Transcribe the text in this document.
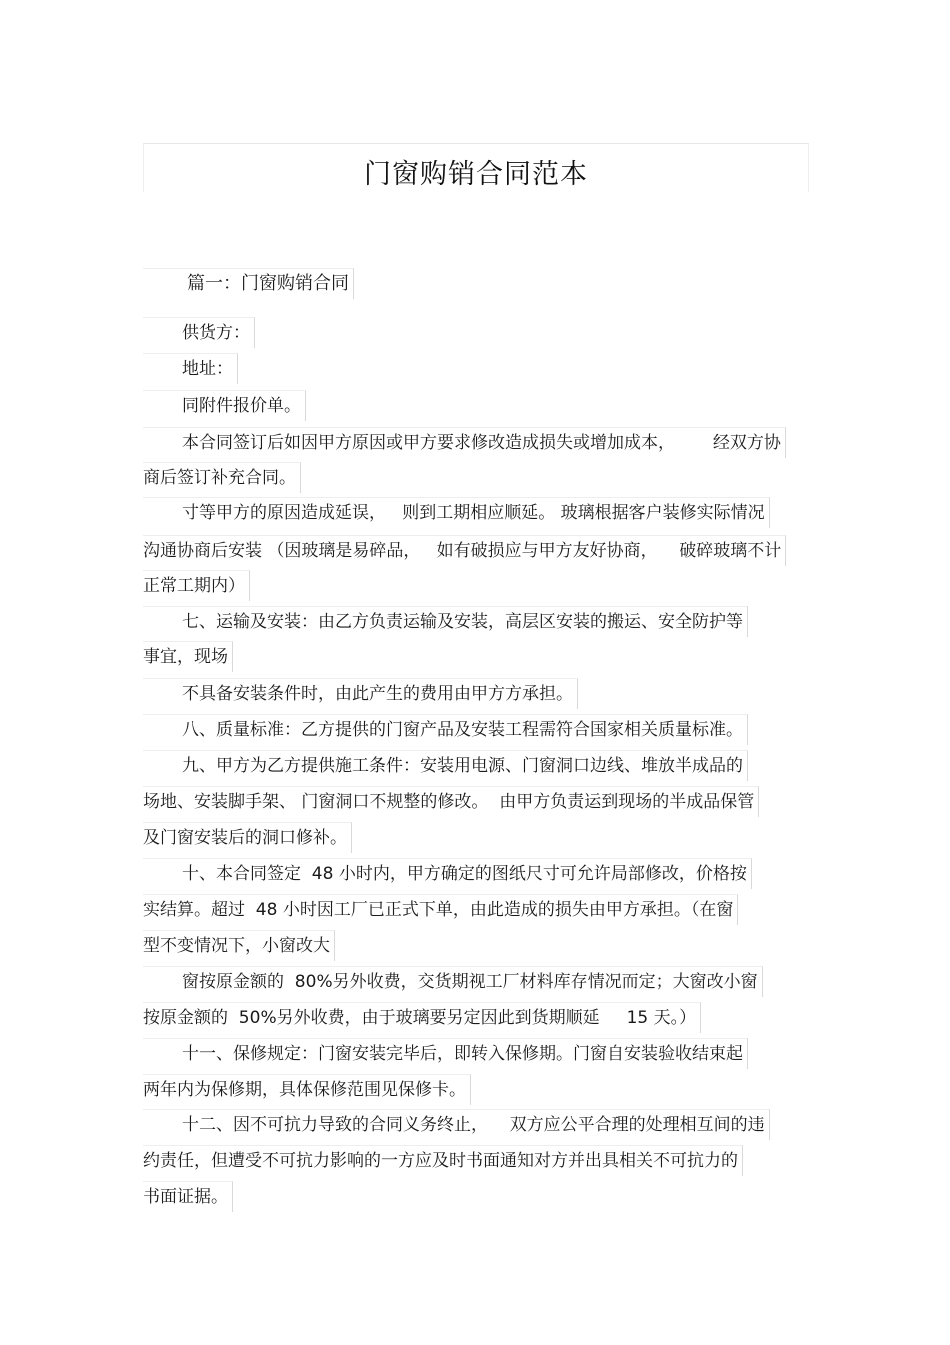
门窗购销合同范本
篇一：门窗购销合同
供货方：
地址：
同附件报价单。
本合同签订后如因甲方原因或甲方要求修改造成损失或增加成本，       经双方协
商后签订补充合同。
寸等甲方的原因造成延误，   则到工期相应顺延。 玻璃根据客户装修实际情况
沟通协商后安装 （因玻璃是易碎品，   如有破损应与甲方友好协商，    破碎玻璃不计
正常工期内）
七、运输及安装：由乙方负责运输及安装，高层区安装的搬运、安全防护等
事宜，现场
不具备安装条件时，由此产生的费用由甲方方承担。
八、质量标准：乙方提供的门窗产品及安装工程需符合国家相关质量标准。
九、甲方为乙方提供施工条件：安装用电源、门窗洞口边线、堆放半成品的
场地、安装脚手架、 门窗洞口不规整的修改。  由甲方负责运到现场的半成品保管
及门窗安装后的洞口修补。
十、本合同签定  48 小时内，甲方确定的图纸尺寸可允许局部修改，价格按
实结算。超过  48 小时因工厂已正式下单，由此造成的损失由甲方承担。（在窗
型不变情况下，小窗改大
窗按原金额的  80%另外收费，交货期视工厂材料库存情况而定；大窗改小窗
按原金额的  50%另外收费，由于玻璃要另定因此到货期顺延     15 天。）
十一、保修规定：门窗安装完毕后，即转入保修期。门窗自安装验收结束起
两年内为保修期，具体保修范围见保修卡。
十二、因不可抗力导致的合同义务终止，    双方应公平合理的处理相互间的违
约责任，但遭受不可抗力影响的一方应及时书面通知对方并出具相关不可抗力的
书面证据。
